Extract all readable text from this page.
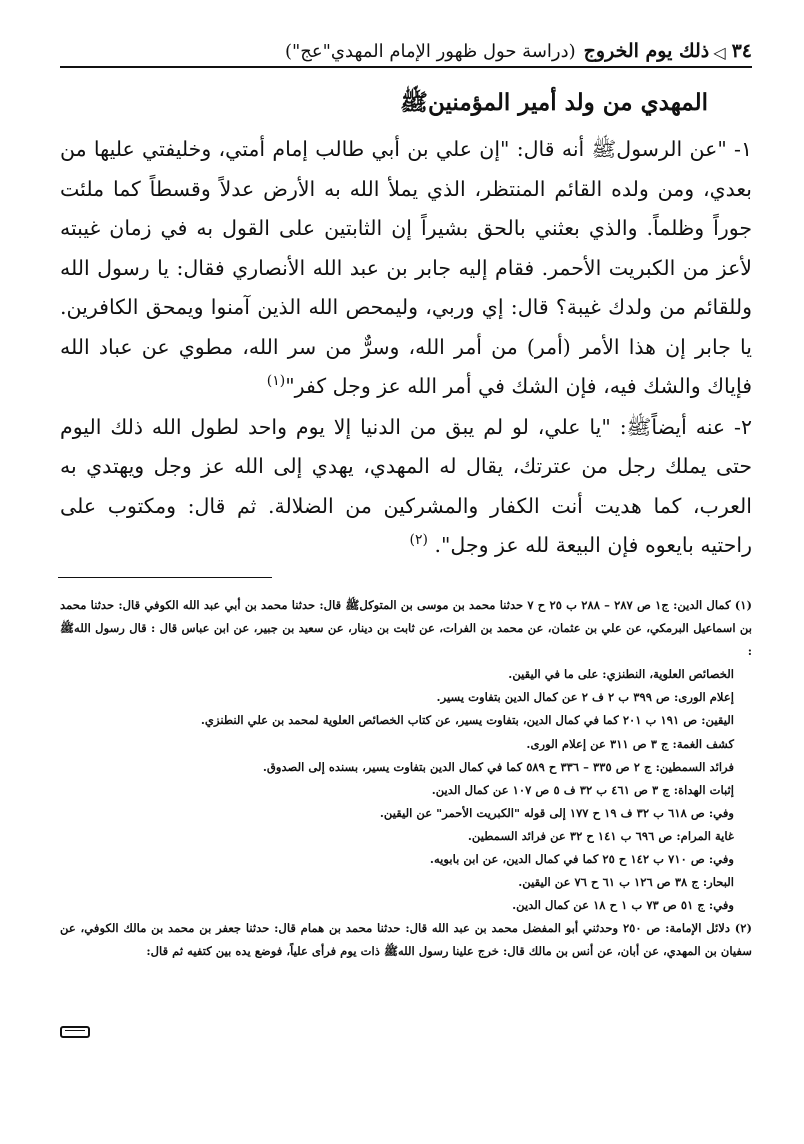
٣٤
◁
ذلك يوم الخروج
(دراسة حول ظهور الإمام المهدي"عج")
المهدي من ولد أمير المؤمنينﷺ

١- "عن الرسولﷺ أنه قال: "إن علي بن أبي طالب إمام أمتي، وخليفتي عليها من بعدي، ومن ولده القائم المنتظر، الذي يملأ الله به الأرض عدلاً وقسطاً كما ملئت جوراً وظلماً. والذي بعثني بالحق بشيراً إن الثابتين على القول به في زمان غيبته لأعز من الكبريت الأحمر. فقام إليه جابر بن عبد الله الأنصاري فقال: يا رسول الله وللقائم من ولدك غيبة؟ قال: إي وربي، وليمحص الله الذين آمنوا ويمحق الكافرين. يا جابر إن هذا الأمر (أمر) من أمر الله، وسرٌّ من سر الله، مطوي عن عباد الله فإياك والشك فيه، فإن الشك في أمر الله عز وجل كفر"$^{(١)}$

٢- عنه أيضاًﷺ: "يا علي، لو لم يبق من الدنيا إلا يوم واحد لطول الله ذلك اليوم حتى يملك رجل من عترتك، يقال له المهدي، يهدي إلى الله عز وجل ويهتدي به العرب، كما هديت أنت الكفار والمشركين من الضلالة. ثم قال: ومكتوب على راحتيه بايعوه فإن البيعة لله عز وجل". $^{(٢)}$

(١) كمال الدين: ج١ ص ٢٨٧ – ٢٨٨ ب ٢٥ ح ٧ حدثنا محمد بن موسى بن المتوكلﷺ قال: حدثنا محمد بن أبي عبد الله الكوفي قال: حدثنا محمد بن اسماعيل البرمكي، عن علي بن عثمان، عن محمد بن الفرات، عن ثابت بن دينار، عن سعيد بن جبير، عن ابن عباس قال : قال رسول اللهﷺ :

الخصائص العلوية، النطنزي: على ما في اليقين.

إعلام الورى: ص ٣٩٩ ب ٢ ف ٢ عن كمال الدين بتفاوت يسير.

اليقين: ص ١٩١ ب ٢٠١ كما في كمال الدين، بتفاوت يسير، عن كتاب الخصائص العلوية لمحمد بن علي النطنزي.

كشف الغمة: ج ٣ ص ٣١١ عن إعلام الورى.

فرائد السمطين: ج ٢ ص ٣٣٥ – ٣٣٦ ح ٥٨٩ كما في كمال الدين بتفاوت يسير، بسنده إلى الصدوق.

إثبات الهداة: ج ٣ ص ٤٦١ ب ٣٢ ف ٥ ص ١٠٧ عن كمال الدين.

وفي: ص ٦١٨ ب ٣٢ ف ١٩ ح ١٧٧ إلى قوله "الكبريت الأحمر" عن اليقين.

غاية المرام: ص ٦٩٦ ب ١٤١ ح ٣٢ عن فرائد السمطين.

وفي: ص ٧١٠ ب ١٤٢ ح ٢٥ كما في كمال الدين، عن ابن بابويه.

البحار: ج ٣٨ ص ١٢٦ ب ٦١ ح ٧٦ عن اليقين.

وفي: ج ٥١ ص ٧٣ ب ١ ح ١٨ عن كمال الدين.

(٢) دلائل الإمامة: ص ٢٥٠ وحدثني أبو المفضل محمد بن عبد الله قال: حدثنا محمد بن همام قال: حدثنا جعفر بن محمد بن مالك الكوفي، عن سفيان بن المهدي، عن أبان، عن أنس بن مالك قال: خرج علينا رسول اللهﷺ ذات يوم فرأى علياً، فوضع يده بين كتفيه ثم قال:
